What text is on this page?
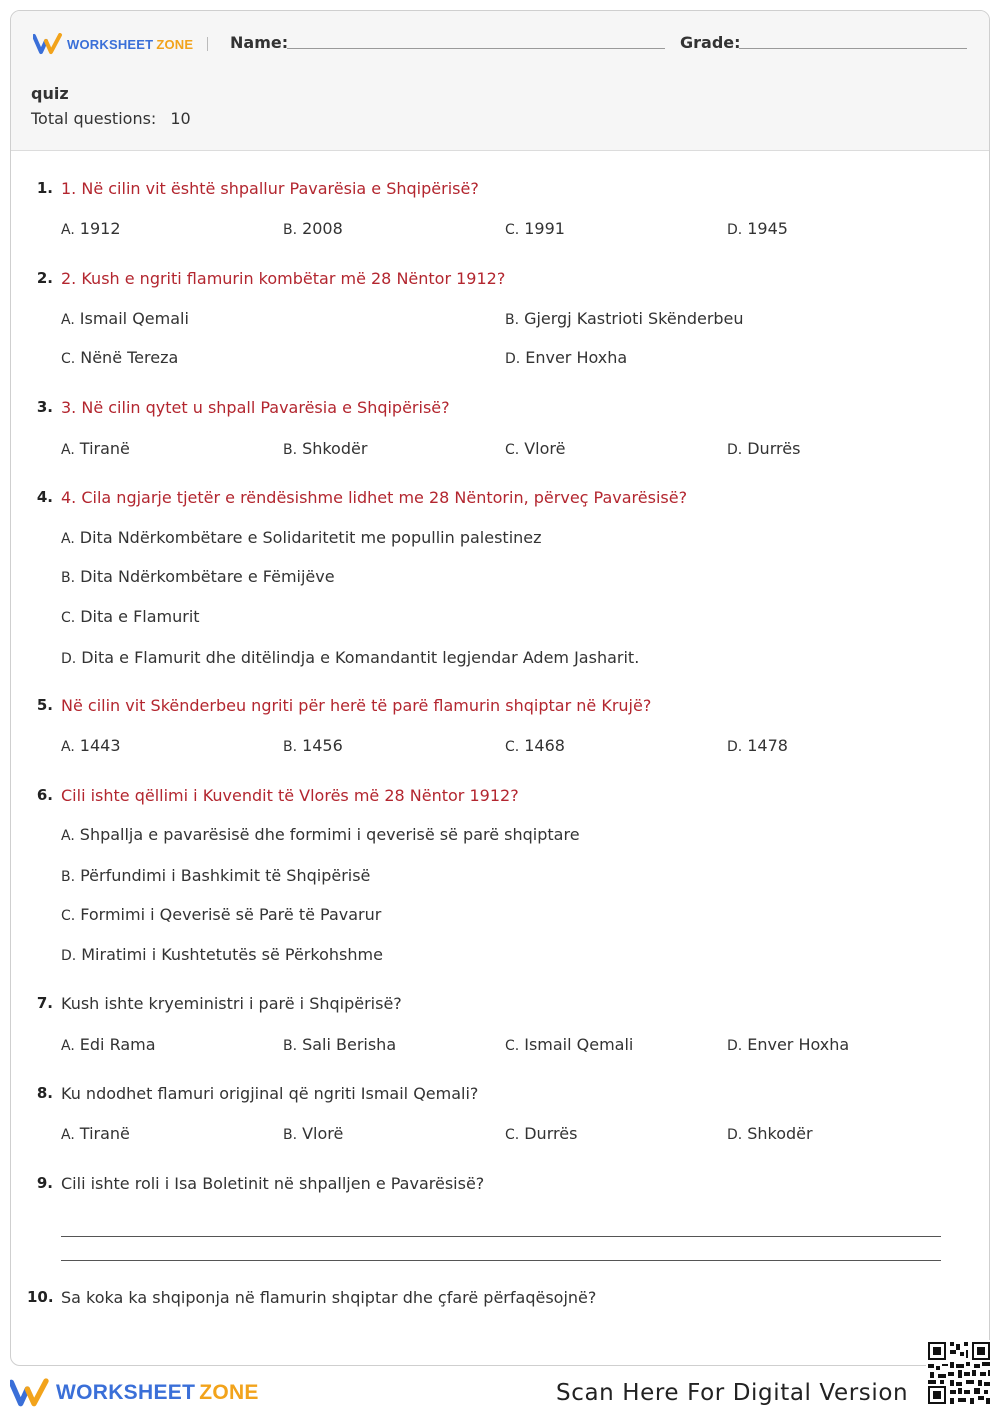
WORKSHEET ZONE Name:	Grade:
quiz
Total questions: 10
1. 1. Në cilin vit është shpallur Pavarësia e Shqipërisë?
A. 1912	B. 2008	C. 1991	D. 1945
2. 2. Kush e ngriti flamurin kombëtar më 28 Nëntor 1912?
A. Ismail Qemali	B. Gjergj Kastrioti Skënderbeu
C. Nënë Tereza	D. Enver Hoxha
3. 3. Në cilin qytet u shpall Pavarësia e Shqipërisë?
A. Tiranë	B. Shkodër	C. Vlorë	D. Durrës
4. 4. Cila ngjarje tjetër e rëndësishme lidhet me 28 Nëntorin, përveç Pavarësisë?
A. Dita Ndërkombëtare e Solidaritetit me popullin palestinez
B. Dita Ndërkombëtare e Fëmijëve
C. Dita e Flamurit
D. Dita e Flamurit dhe ditëlindja e Komandantit legjendar Adem Jasharit.
5. Në cilin vit Skënderbeu ngriti për herë të parë flamurin shqiptar në Krujë?
A. 1443	B. 1456	C. 1468	D. 1478
6. Cili ishte qëllimi i Kuvendit të Vlorës më 28 Nëntor 1912?
A. Shpallja e pavarësisë dhe formimi i qeverisë së parë shqiptare
B. Përfundimi i Bashkimit të Shqipërisë
C. Formimi i Qeverisë së Parë të Pavarur
D. Miratimi i Kushtetutës së Përkohshme
7. Kush ishte kryeministri i parë i Shqipërisë?
A. Edi Rama	B. Sali Berisha	C. Ismail Qemali	D. Enver Hoxha
8. Ku ndodhet flamuri origjinal që ngriti Ismail Qemali?
A. Tiranë	B. Vlorë	C. Durrës	D. Shkodër
9. Cili ishte roli i Isa Boletinit në shpalljen e Pavarësisë?
10. Sa koka ka shqiponja në flamurin shqiptar dhe çfarë përfaqësojnë?
WORKSHEET ZONE	Scan Here For Digital Version
